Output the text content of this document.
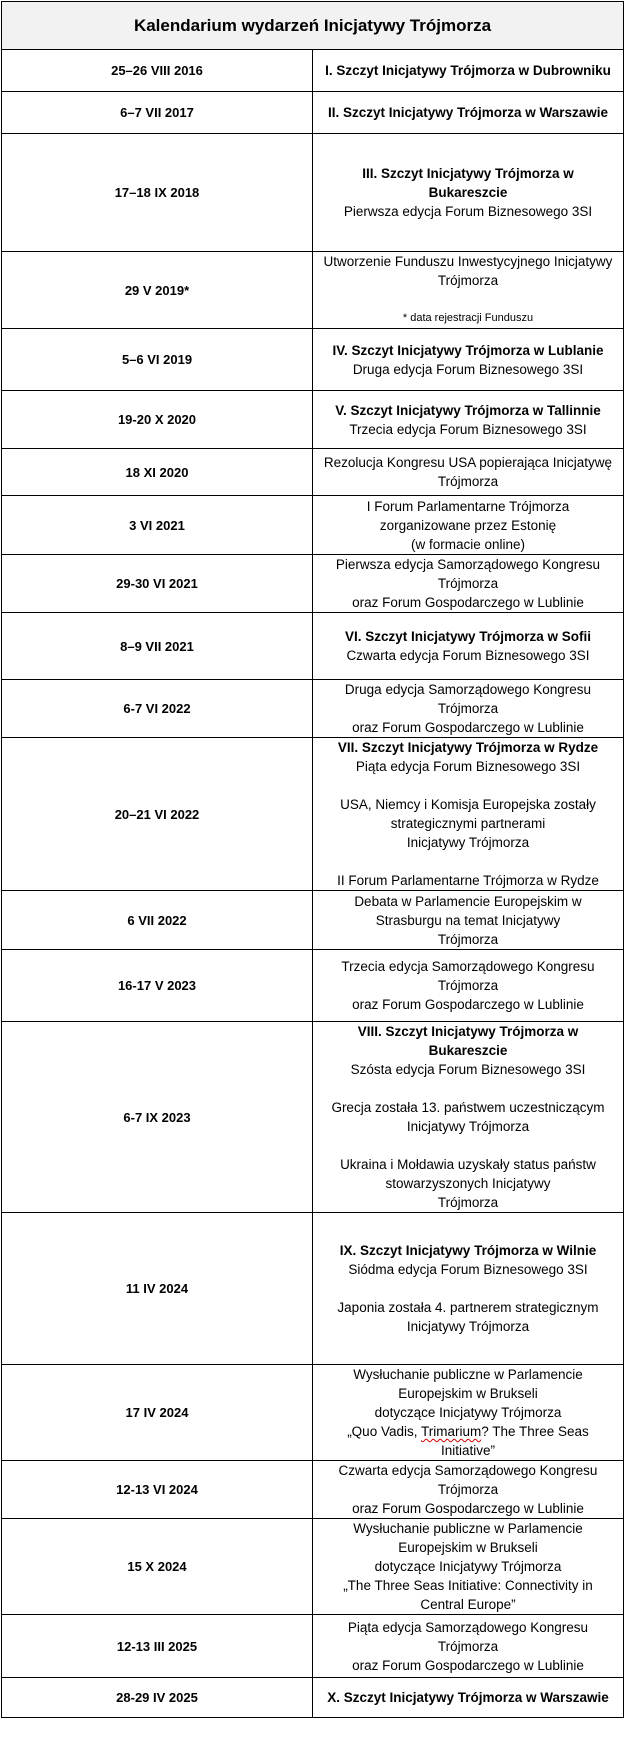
Kalendarium wydarzeń Inicjatywy Trójmorza	
25–26 VIII 2016	I. Szczyt Inicjatywy Trójmorza w Dubrowniku

6–7 VII 2017	II. Szczyt Inicjatywy Trójmorza w Warszawie

17–18 IX 2018	III. Szczyt Inicjatywy Trójmorza w Bukareszcie
Pierwsza edycja Forum Biznesowego 3SI

29 V 2019*	Utworzenie Funduszu Inwestycyjnego Inicjatywy Trójmorza
* data rejestracji Funduszu

5–6 VI 2019	IV. Szczyt Inicjatywy Trójmorza w Lublanie
Druga edycja Forum Biznesowego 3SI

19-20 X 2020	V. Szczyt Inicjatywy Trójmorza w Tallinnie
Trzecia edycja Forum Biznesowego 3SI

18 XI 2020	Rezolucja Kongresu USA popierająca Inicjatywę Trójmorza

3 VI 2021	I Forum Parlamentarne Trójmorza zorganizowane przez Estonię
(w formacie online)

29-30 VI 2021	Pierwsza edycja Samorządowego Kongresu Trójmorza
oraz Forum Gospodarczego w Lublinie

8–9 VII 2021	VI. Szczyt Inicjatywy Trójmorza w Sofii
Czwarta edycja Forum Biznesowego 3SI

6-7 VI 2022	Druga edycja Samorządowego Kongresu Trójmorza
oraz Forum Gospodarczego w Lublinie

20–21 VI 2022	VII. Szczyt Inicjatywy Trójmorza w Rydze
Piąta edycja Forum Biznesowego 3SI
USA, Niemcy i Komisja Europejska zostały strategicznymi partnerami
Inicjatywy Trójmorza
II Forum Parlamentarne Trójmorza w Rydze

6 VII 2022	Debata w Parlamencie Europejskim w Strasburgu na temat Inicjatywy
Trójmorza

16-17 V 2023	Trzecia edycja Samorządowego Kongresu Trójmorza
oraz Forum Gospodarczego w Lublinie

6-7 IX 2023	VIII. Szczyt Inicjatywy Trójmorza w Bukareszcie
Szósta edycja Forum Biznesowego 3SI
Grecja została 13. państwem uczestniczącym Inicjatywy Trójmorza
Ukraina i Mołdawia uzyskały status państw stowarzyszonych Inicjatywy
Trójmorza

11 IV 2024	IX. Szczyt Inicjatywy Trójmorza w Wilnie
Siódma edycja Forum Biznesowego 3SI
Japonia została 4. partnerem strategicznym Inicjatywy Trójmorza

17 IV 2024	Wysłuchanie publiczne w Parlamencie Europejskim w Brukseli
dotyczące Inicjatywy Trójmorza
„Quo Vadis, Trimarium? The Three Seas Initiative”

12-13 VI 2024	Czwarta edycja Samorządowego Kongresu Trójmorza
oraz Forum Gospodarczego w Lublinie

15 X 2024	Wysłuchanie publiczne w Parlamencie Europejskim w Brukseli
dotyczące Inicjatywy Trójmorza
„The Three Seas Initiative: Connectivity in Central Europe”

12-13 III 2025	Piąta edycja Samorządowego Kongresu Trójmorza
oraz Forum Gospodarczego w Lublinie

28-29 IV 2025	X. Szczyt Inicjatywy Trójmorza w Warszawie
